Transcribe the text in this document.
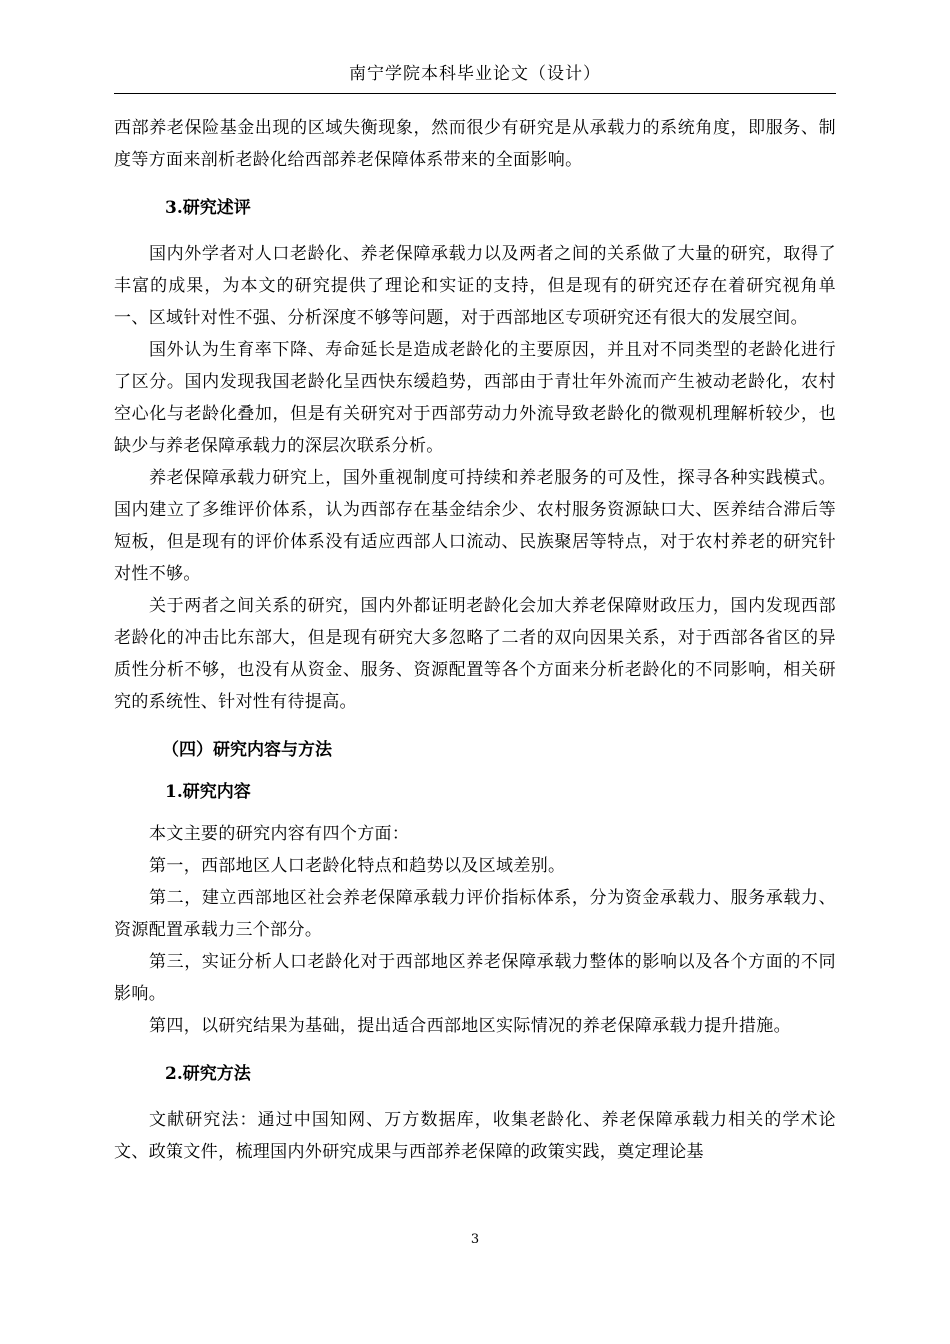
南宁学院本科毕业论文（设计）

西部养老保险基金出现的区域失衡现象，然而很少有研究是从承载力的系统角度，即服务、制度等方面来剖析老龄化给西部养老保障体系带来的全面影响。

3.研究述评

国内外学者对人口老龄化、养老保障承载力以及两者之间的关系做了大量的研究，取得了丰富的成果，为本文的研究提供了理论和实证的支持，但是现有的研究还存在着研究视角单一、区域针对性不强、分析深度不够等问题，对于西部地区专项研究还有很大的发展空间。

国外认为生育率下降、寿命延长是造成老龄化的主要原因，并且对不同类型的老龄化进行了区分。国内发现我国老龄化呈西快东缓趋势，西部由于青壮年外流而产生被动老龄化，农村空心化与老龄化叠加，但是有关研究对于西部劳动力外流导致老龄化的微观机理解析较少，也缺少与养老保障承载力的深层次联系分析。

养老保障承载力研究上，国外重视制度可持续和养老服务的可及性，探寻各种实践模式。国内建立了多维评价体系，认为西部存在基金结余少、农村服务资源缺口大、医养结合滞后等短板，但是现有的评价体系没有适应西部人口流动、民族聚居等特点，对于农村养老的研究针对性不够。

关于两者之间关系的研究，国内外都证明老龄化会加大养老保障财政压力，国内发现西部老龄化的冲击比东部大，但是现有研究大多忽略了二者的双向因果关系，对于西部各省区的异质性分析不够，也没有从资金、服务、资源配置等各个方面来分析老龄化的不同影响，相关研究的系统性、针对性有待提高。

（四）研究内容与方法

1.研究内容

本文主要的研究内容有四个方面：

第一，西部地区人口老龄化特点和趋势以及区域差别。

第二，建立西部地区社会养老保障承载力评价指标体系，分为资金承载力、服务承载力、资源配置承载力三个部分。

第三，实证分析人口老龄化对于西部地区养老保障承载力整体的影响以及各个方面的不同影响。

第四，以研究结果为基础，提出适合西部地区实际情况的养老保障承载力提升措施。

2.研究方法

文献研究法：通过中国知网、万方数据库，收集老龄化、养老保障承载力相关的学术论文、政策文件，梳理国内外研究成果与西部养老保障的政策实践，奠定理论基

3
